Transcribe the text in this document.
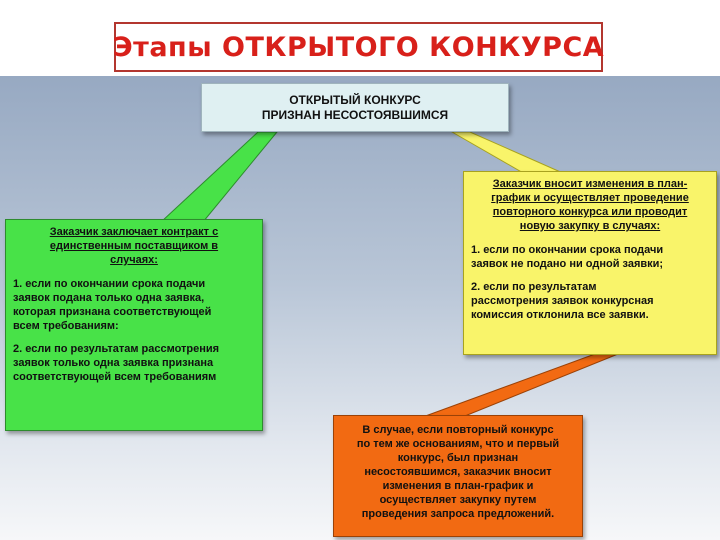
Этапы ОТКРЫТОГО КОНКУРСА
ОТКРЫТЫЙ КОНКУРС
ПРИЗНАН НЕСОСТОЯВШИМСЯ
Заказчик заключает контракт с
единственным поставщиком в
случаях:
1. если по окончании срока подачи
заявок подана только одна заявка,
которая признана соответствующей
всем требованиям:
2. если по результатам рассмотрения
заявок только одна заявка признана
соответствующей всем требованиям
Заказчик вносит изменения в план-
график и осуществляет проведение
повторного конкурса или проводит
новую закупку в случаях:
1. если по окончании срока подачи
заявок не подано ни одной заявки;
2. если по результатам
рассмотрения заявок конкурсная
комиссия отклонила все заявки.
В случае, если повторный конкурс
по тем же основаниям, что и первый
конкурс, был признан
несостоявшимся, заказчик вносит
изменения в план-график и
осуществляет закупку путем
проведения запроса предложений.
